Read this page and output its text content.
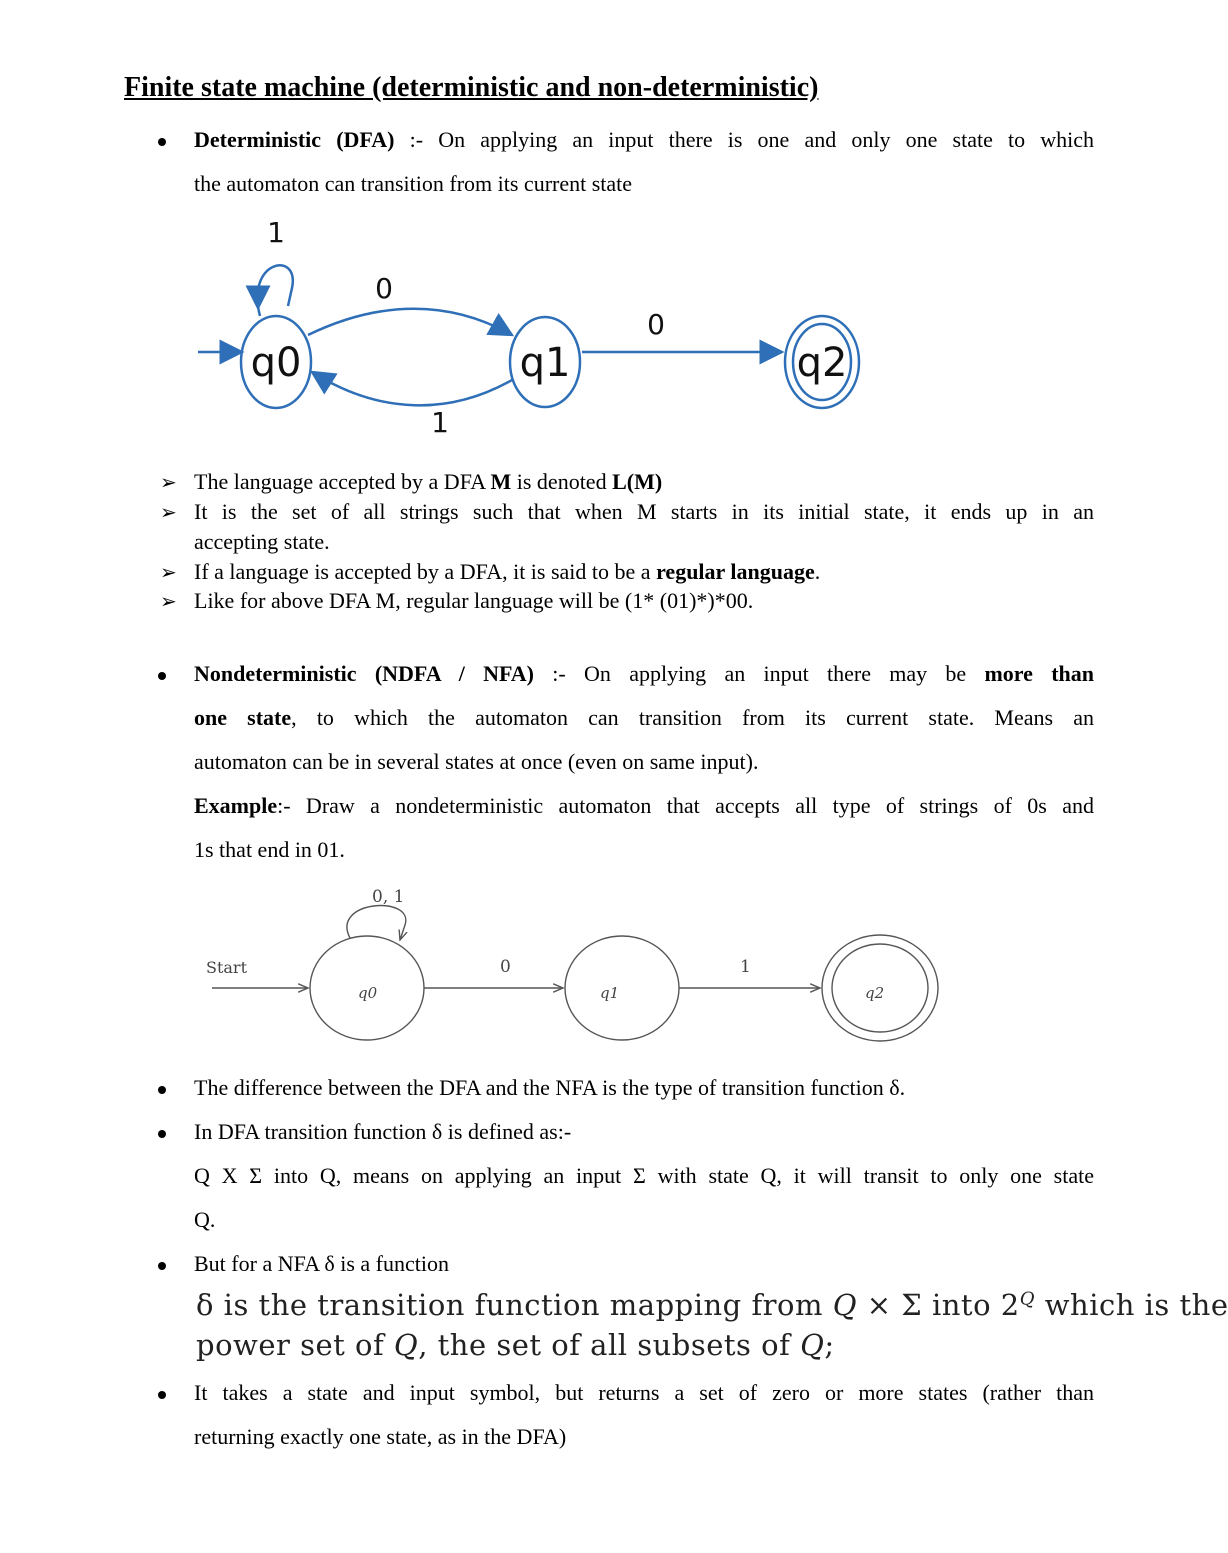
Finite state machine (deterministic and non-deterministic)
Deterministic (DFA) :- On applying an input there is one and only one state to which
the automaton can transition from its current state
q0	q1	q2
1
0
1
0
➢ The language accepted by a DFA M is denoted L(M)
➢ It is the set of all strings such that when M starts in its initial state, it ends up in an
accepting state.
➢ If a language is accepted by a DFA, it is said to be a regular language.
➢ Like for above DFA M, regular language will be (1* (01)*)*00.
Nondeterministic (NDFA / NFA) :- On applying an input there may be more than
one state, to which the automaton can transition from its current state. Means an
automaton can be in several states at once (even on same input).
Example:- Draw a nondeterministic automaton that accepts all type of strings of 0s and
1s that end in 01.
Start
q0	q1	q2
0, 1
0	1
The difference between the DFA and the NFA is the type of transition function δ.
In DFA transition function δ is defined as:-
Q X Σ into Q, means on applying an input Σ with state Q, it will transit to only one state
Q.
But for a NFA δ is a function
δ is the transition function mapping from Q × Σ into $2^Q$ which is the
power set of Q, the set of all subsets of Q;
It takes a state and input symbol, but returns a set of zero or more states (rather than
returning exactly one state, as in the DFA)
